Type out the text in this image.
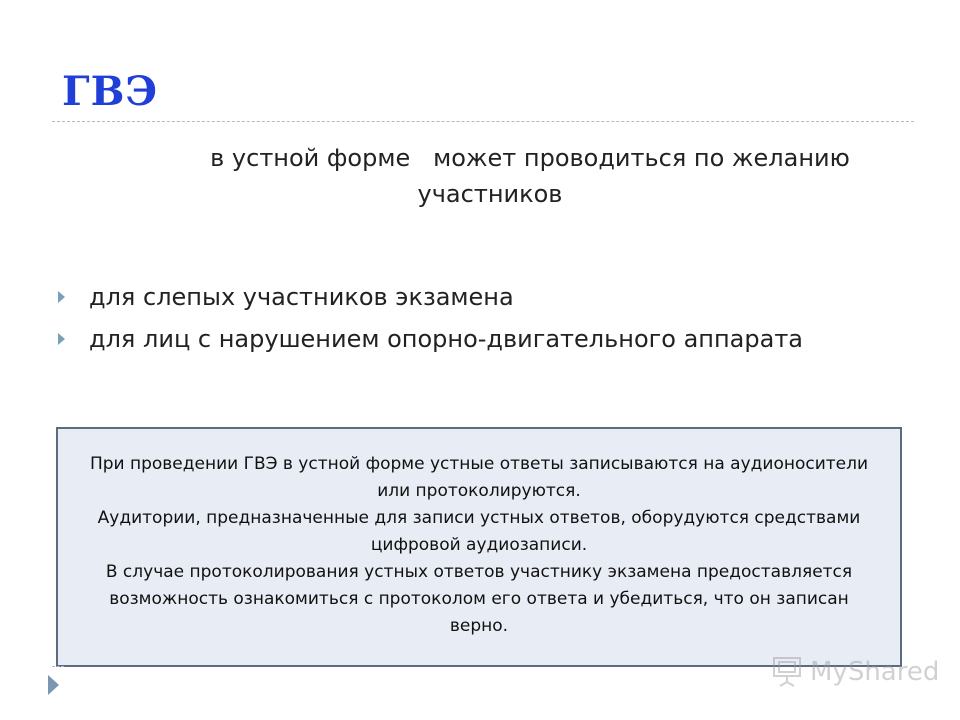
ГВЭ
в устной форме   может проводиться по желанию
участников
для слепых участников экзамена
для лиц с нарушением опорно-двигательного аппарата

При проведении ГВЭ в устной форме устные ответы записываются на аудионосители или протоколируются.

Аудитории, предназначенные для записи устных ответов, оборудуются средствами цифровой аудиозаписи.

В случае протоколирования устных ответов участнику экзамена предоставляется возможность ознакомиться с протоколом его ответа и убедиться, что он записан верно.

MyShared
